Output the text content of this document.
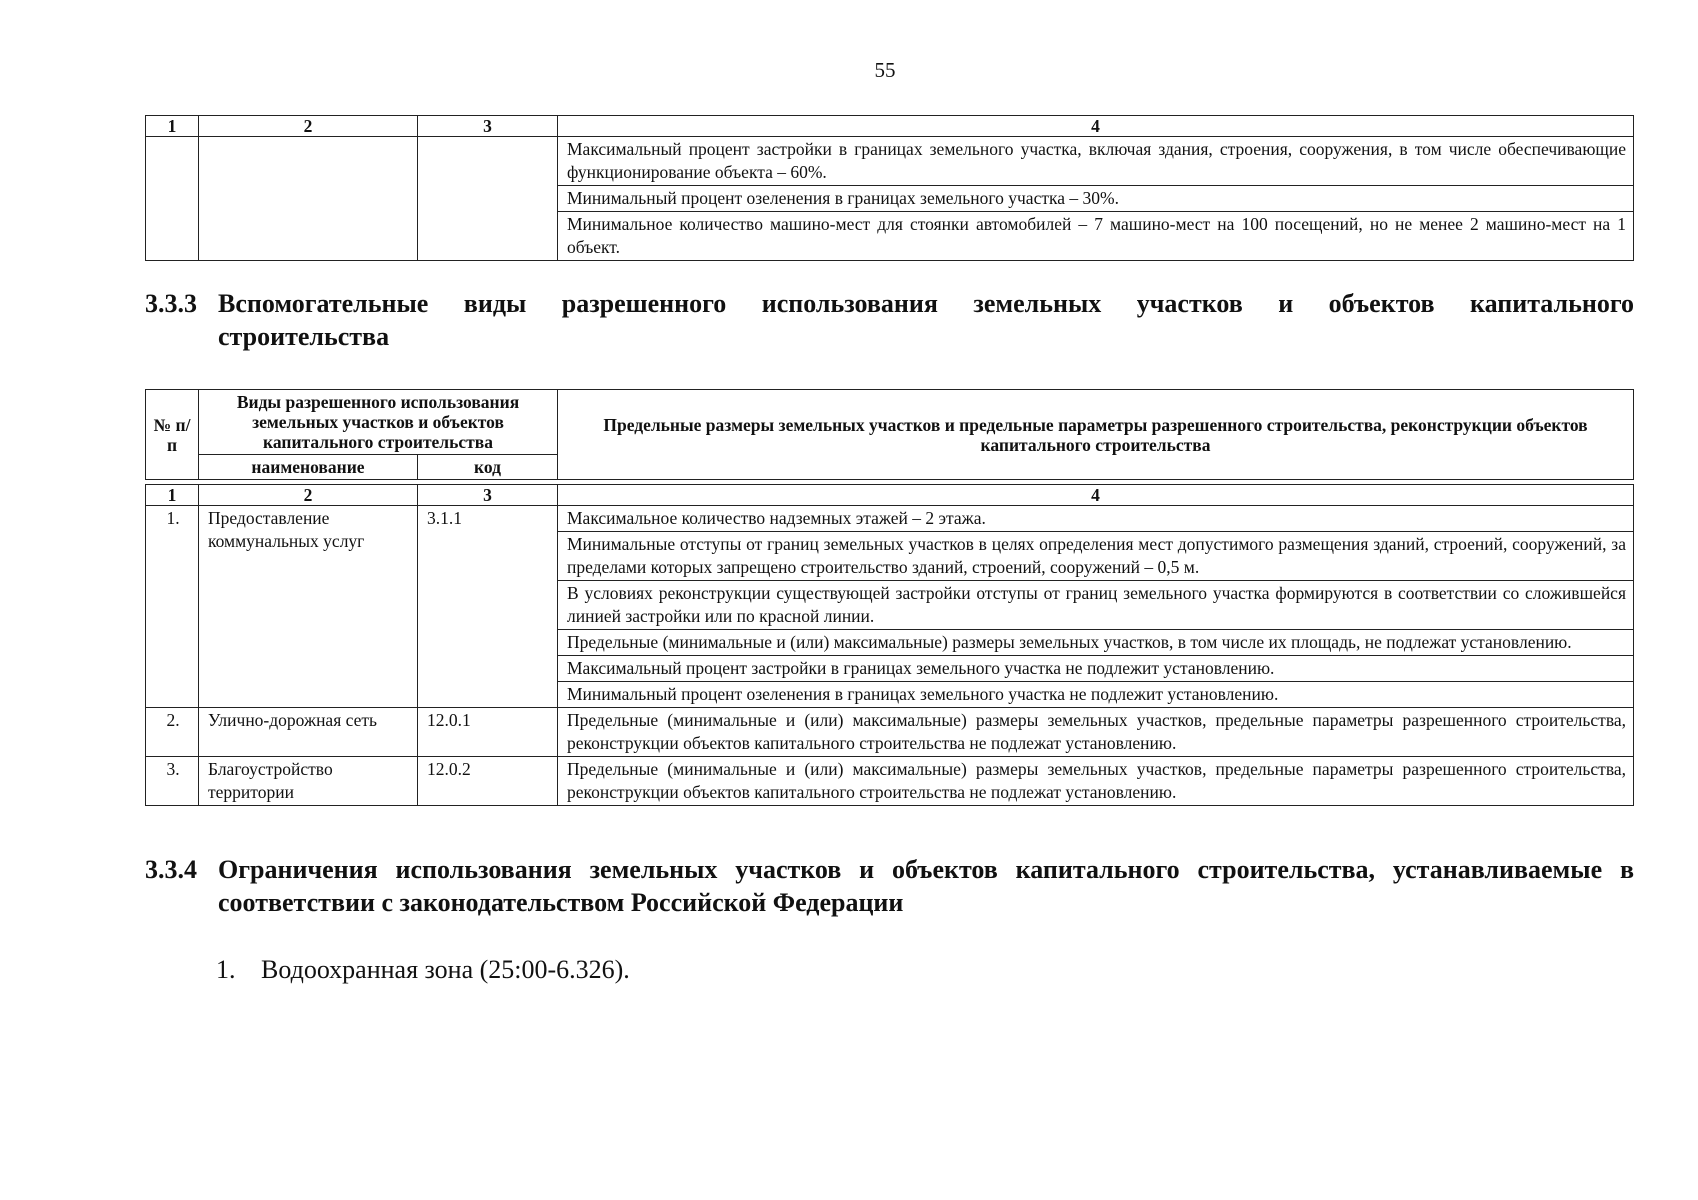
55
1	2	3	4
			Максимальный процент застройки в границах земельного участка, включая здания, строения, сооружения, в том числе обеспечивающие функционирование объекта – 60%.
			Минимальный процент озеленения в границах земельного участка – 30%.
			Минимальное количество машино-мест для стоянки автомобилей – 7 машино-мест на 100 посещений, но не менее 2 машино-мест на 1 объект.
3.3.3 Вспомогательные виды разрешенного использования земельных участков и объектов капитального строительства
№ п/п	Виды разрешенного использования земельных участков и объектов капитального строительства		Предельные размеры земельных участков и предельные параметры разрешенного строительства, реконструкции объектов капитального строительства
	наименование	код	

1	2	3	4
1.	Предоставление коммунальных услуг	3.1.1	Максимальное количество надземных этажей – 2 этажа.
			Минимальные отступы от границ земельных участков в целях определения мест допустимого размещения зданий, строений, сооружений, за пределами которых запрещено строительство зданий, строений, сооружений – 0,5 м.
			В условиях реконструкции существующей застройки отступы от границ земельного участка формируются в соответствии со сложившейся линией застройки или по красной линии.
			Предельные (минимальные и (или) максимальные) размеры земельных участков, в том числе их площадь, не подлежат установлению.
			Максимальный процент застройки в границах земельного участка не подлежит установлению.
			Минимальный процент озеленения в границах земельного участка не подлежит установлению.
2.	Улично-дорожная сеть	12.0.1	Предельные (минимальные и (или) максимальные) размеры земельных участков, предельные параметры разрешенного строительства, реконструкции объектов капитального строительства не подлежат установлению.
3.	Благоустройство территории	12.0.2	Предельные (минимальные и (или) максимальные) размеры земельных участков, предельные параметры разрешенного строительства, реконструкции объектов капитального строительства не подлежат установлению.
3.3.4 Ограничения использования земельных участков и объектов капитального строительства, устанавливаемые в соответствии с законодательством Российской Федерации
1. Водоохранная зона (25:00-6.326).
